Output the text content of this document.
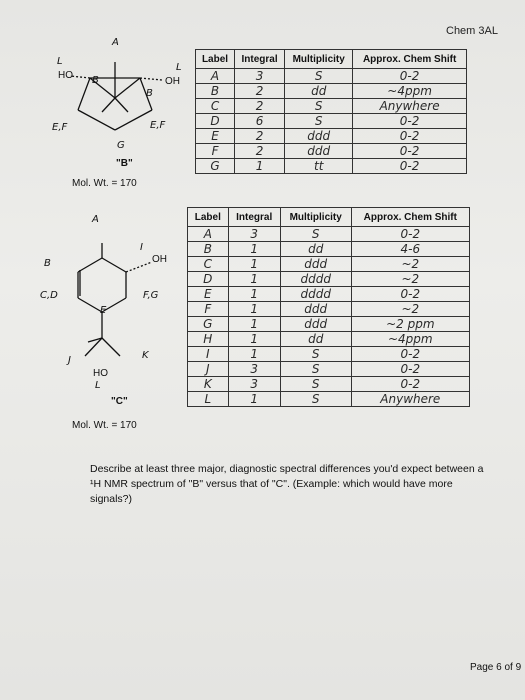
Chem 3AL
HO
OH
A
L
B
L
B
E,F	E,F
G
"B"
Mol. Wt. = 170
Label	Integral	Multiplicity	Approx. Chem Shift
A	3	S	0-2
B	2	dd	~4ppm
C	2	S	Anywhere
D	6	S	0-2
E	2	ddd	0-2
F	2	ddd	0-2
G	1	tt	0-2
OH
HO
A
B
E
I
F,G
C,D
J	K
L
"C"
Mol. Wt. = 170
Label	Integral	Multiplicity	Approx. Chem Shift
A	3	S	0-2
B	1	dd	4-6
C	1	ddd	~2
D	1	dddd	~2
E	1	dddd	0-2
F	1	ddd	~2
G	1	ddd	~2 ppm
H	1	dd	~4ppm
I	1	S	0-2
J	3	S	0-2
K	3	S	0-2
L	1	S	Anywhere
Describe at least three major, diagnostic spectral differences you'd expect between a ¹H NMR spectrum of "B" versus that of "C". (Example: which would have more signals?)
Page 6 of 9
